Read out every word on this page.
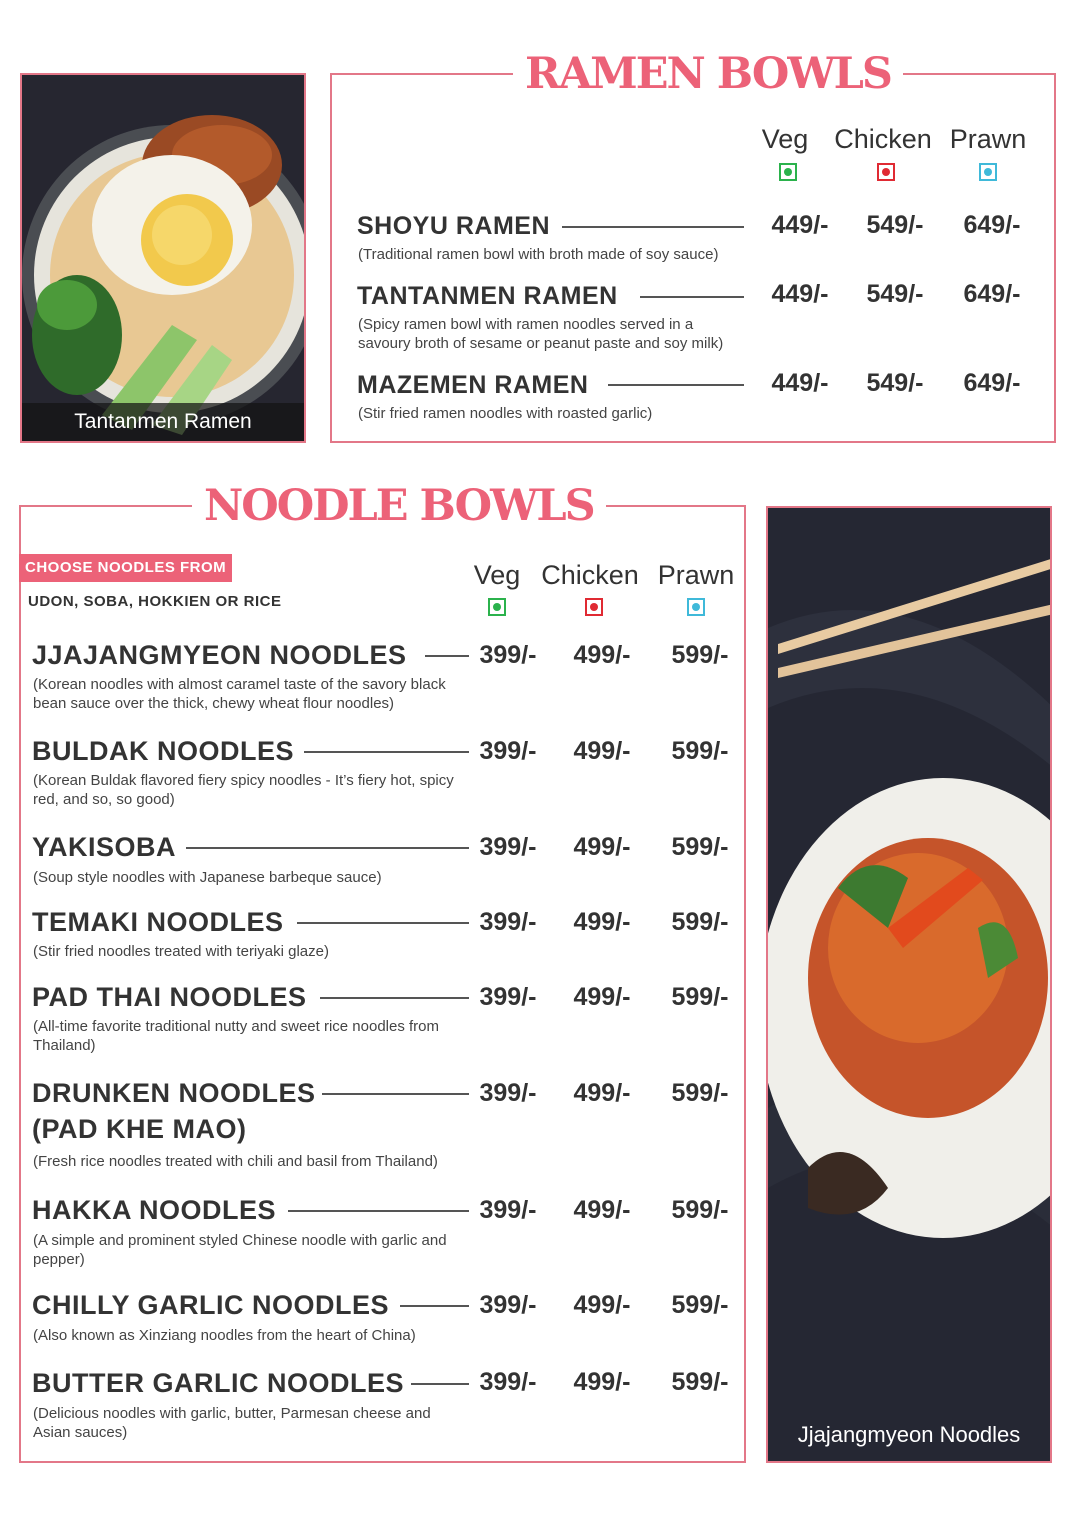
Tantanmen Ramen
RAMEN BOWLS
Veg Chicken Prawn
SHOYU RAMEN
(Traditional ramen bowl with broth made of soy sauce)
449/-	549/-	649/-
TANTANMEN RAMEN
(Spicy ramen bowl with ramen noodles served in a savoury broth of sesame or peanut paste and soy milk)
449/-	549/-	649/-
MAZEMEN RAMEN
(Stir fried ramen noodles with roasted garlic)
449/-	549/-	649/-
NOODLE BOWLS
CHOOSE NOODLES FROM
UDON, SOBA, HOKKIEN OR RICE
Veg Chicken Prawn
JJAJANGMYEON NOODLES
(Korean noodles with almost caramel taste of the savory black bean sauce over the thick, chewy wheat flour noodles)
399/-	499/-	599/-
BULDAK NOODLES
(Korean Buldak flavored fiery spicy noodles - It’s fiery hot, spicy red, and so, so good)
399/-	499/-	599/-
YAKISOBA
(Soup style noodles with Japanese barbeque sauce)
399/-	499/-	599/-
TEMAKI NOODLES
(Stir fried noodles treated with teriyaki glaze)
399/-	499/-	599/-
PAD THAI NOODLES
(All-time favorite traditional nutty and sweet rice noodles from Thailand)
399/-	499/-	599/-
DRUNKEN NOODLES
(PAD KHE MAO)
(Fresh rice noodles treated with chili and basil from Thailand)
399/-	499/-	599/-
HAKKA NOODLES
(A simple and prominent styled Chinese noodle with garlic and pepper)
399/-	499/-	599/-
CHILLY GARLIC NOODLES
(Also known as Xinziang noodles from the heart of China)
399/-	499/-	599/-
BUTTER GARLIC NOODLES
(Delicious noodles with garlic, butter, Parmesan cheese and Asian sauces)
399/-	499/-	599/-
Jjajangmyeon Noodles
